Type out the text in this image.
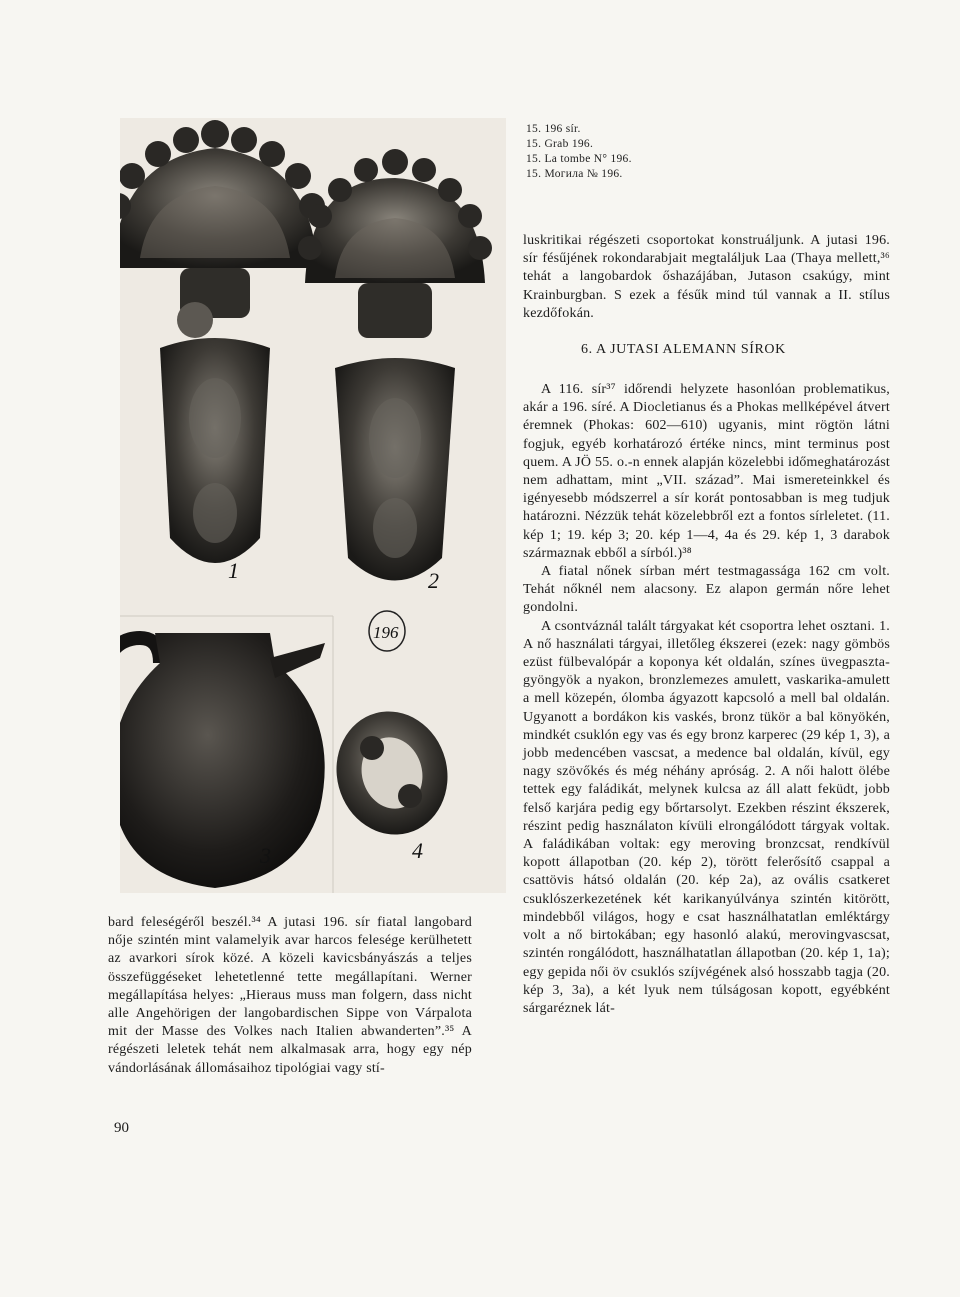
1	2
3
196
4
15. 196 sír.
15. Grab 196.
15. La tombe N° 196.
15. Могила № 196.

luskritikai régészeti csoportokat konstruáljunk. A jutasi 196. sír fésűjének rokondarabjait megtaláljuk Laa (Thaya mellett,³⁶ tehát a langobardok őshazájában, Jutason csakúgy, mint Krainburgban. S ezek a fésűk mind túl vannak a II. stílus kezdőfokán.

6. A JUTASI ALEMANN SÍROK

A 116. sír³⁷ időrendi helyzete hasonlóan problematikus, akár a 196. síré. A Diocletianus és a Phokas mellképével átvert éremnek (Phokas: 602—610) ugyanis, mint rögtön látni fogjuk, egyéb korhatározó értéke nincs, mint terminus post quem. A JÖ 55. o.-n ennek alapján közelebbi időmeghatározást nem adhattam, mint „VII. század”. Mai ismereteinkkel és igényesebb módszerrel a sír korát pontosabban is meg tudjuk határozni. Nézzük tehát közelebbről ezt a fontos sírleletet. (11. kép 1; 19. kép 3; 20. kép 1—4, 4a és 29. kép 1, 3 darabok származnak ebből a sírból.)³⁸

A fiatal nőnek sírban mért testmagassága 162 cm volt. Tehát nőknél nem alacsony. Ez alapon germán nőre lehet gondolni.

A csontváznál talált tárgyakat két csoportra lehet osztani. 1. A nő használati tárgyai, illetőleg ékszerei (ezek: nagy gömbös ezüst fülbevalópár a koponya két oldalán, színes üvegpaszta-gyöngyök a nyakon, bronzlemezes amulett, vaskarika-amulett a mell közepén, ólomba ágyazott kapcsoló a mell bal oldalán. Ugyanott a bordákon kis vaskés, bronz tükör a bal könyökén, mindkét csuklón egy vas és egy bronz karperec (29 kép 1, 3), a jobb medencében vascsat, a medence bal oldalán, kívül, egy nagy szövőkés és még néhány apróság. 2. A női halott ölébe tettek egy faládikát, melynek kulcsa az áll alatt feküdt, jobb felső karjára pedig egy bőrtarsolyt. Ezekben részint ékszerek, részint pedig használaton kívüli elrongálódott tárgyak voltak. A faládikában voltak: egy meroving bronzcsat, rendkívül kopott állapotban (20. kép 2), törött felerősítő csappal a csattövis hátsó oldalán (20. kép 2a), az ovális csatkeret csuklószerkezetének két karikanyúlványa szintén kitörött, mindebből világos, hogy e csat használhatatlan emléktárgy volt a nő birtokában; egy hasonló alakú, merovingvascsat, szintén rongálódott, használhatatlan állapotban (20. kép 1, 1a); egy gepida női öv csuklós szíjvégének alsó hosszabb tagja (20. kép 3, 3a), a két lyuk nem túlságosan kopott, egyébként sárgaréznek lát-

bard feleségéről beszél.³⁴ A jutasi 196. sír fiatal langobard nője szintén mint valamelyik avar harcos felesége kerülhetett az avarkori sírok közé. A közeli kavicsbányászás a teljes összefüggéseket lehetetlenné tette megállapítani. Werner megállapítása helyes: „Hieraus muss man folgern, dass nicht alle Angehörigen der langobardischen Sippe von Várpalota mit der Masse des Volkes nach Italien abwanderten”.³⁵ A régészeti leletek tehát nem alkalmasak arra, hogy egy nép vándorlásának állomásaihoz tipológiai vagy stí-

90
